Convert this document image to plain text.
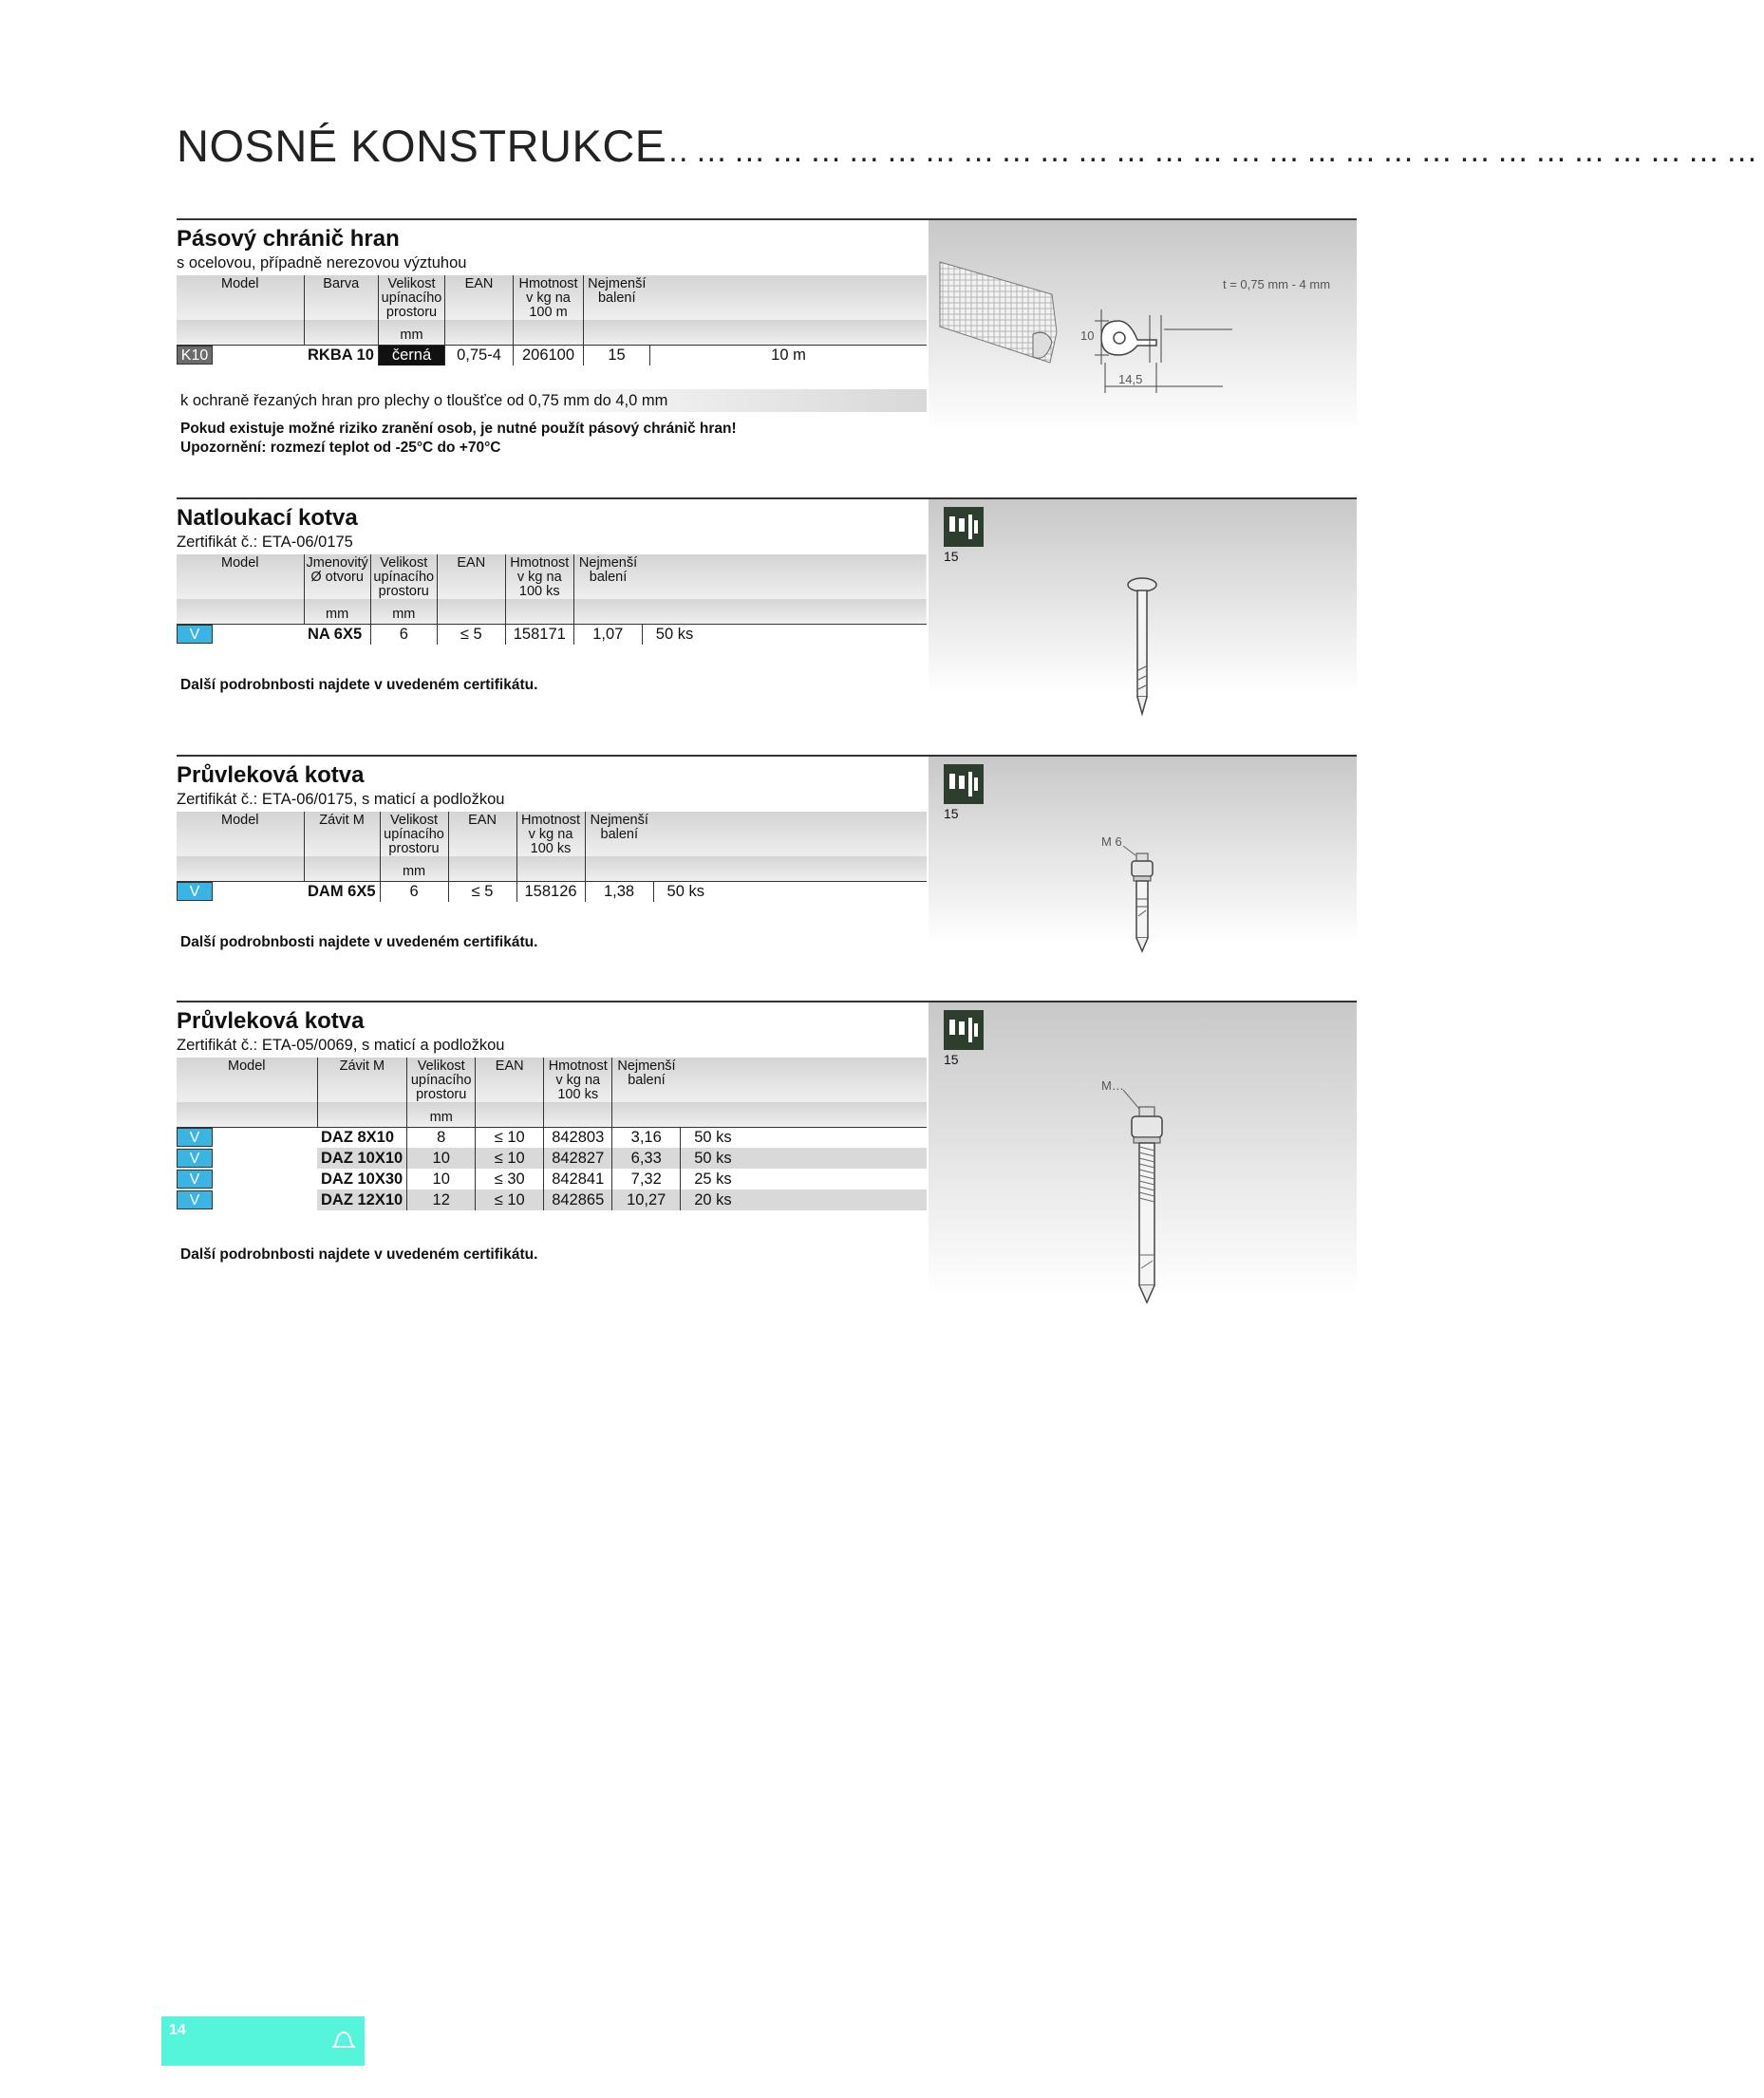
NOSNÉ KONSTRUKCE
……………………………………………………………………………
Pásový chránič hran
s ocelovou, případně nerezovou výztuhou
Model	Barva	Velikost upínacího prostoru	EAN	Hmotnost v kg na 100 m	Nejmenší balení	
		mm				
K10	RKBA 10	černá	0,75-4	206100	15	10 m
k ochraně řezaných hran pro plechy o tloušťce od 0,75 mm do 4,0 mm
Pokud existuje možné riziko zranění osob, je nutné použít pásový chránič hran!
Upozornění: rozmezí teplot od -25°C do +70°C
t = 0,75 mm - 4 mm
10
14,5
Natloukací kotva
Zertifikát č.: ETA-06/0175
Model	Jmenovitý Ø otvoru	Velikost upínacího prostoru	EAN	Hmotnost v kg na 100 ks	Nejmenší balení	
	mm	mm				
V	NA 6X5	6	≤ 5	158171	1,07	50 ks
Další podrobnbosti najdete v uvedeném certifikátu.
15
Průvleková kotva
Zertifikát č.: ETA-06/0175, s maticí a podložkou
Model	Závit M	Velikost upínacího prostoru	EAN	Hmotnost v kg na 100 ks	Nejmenší balení	
		mm				
V	DAM 6X5	6	≤ 5	158126	1,38	50 ks
Další podrobnbosti najdete v uvedeném certifikátu.
15
M 6
Průvleková kotva
Zertifikát č.: ETA-05/0069, s maticí a podložkou
Model	Závit M	Velikost upínacího prostoru	EAN	Hmotnost v kg na 100 ks	Nejmenší balení	
		mm				
V	DAZ 8X10	8	≤ 10	842803	3,16	50 ks
V	DAZ 10X10	10	≤ 10	842827	6,33	50 ks
V	DAZ 10X30	10	≤ 30	842841	7,32	25 ks
V	DAZ 12X10	12	≤ 10	842865	10,27	20 ks
Další podrobnbosti najdete v uvedeném certifikátu.
15
M…
14
